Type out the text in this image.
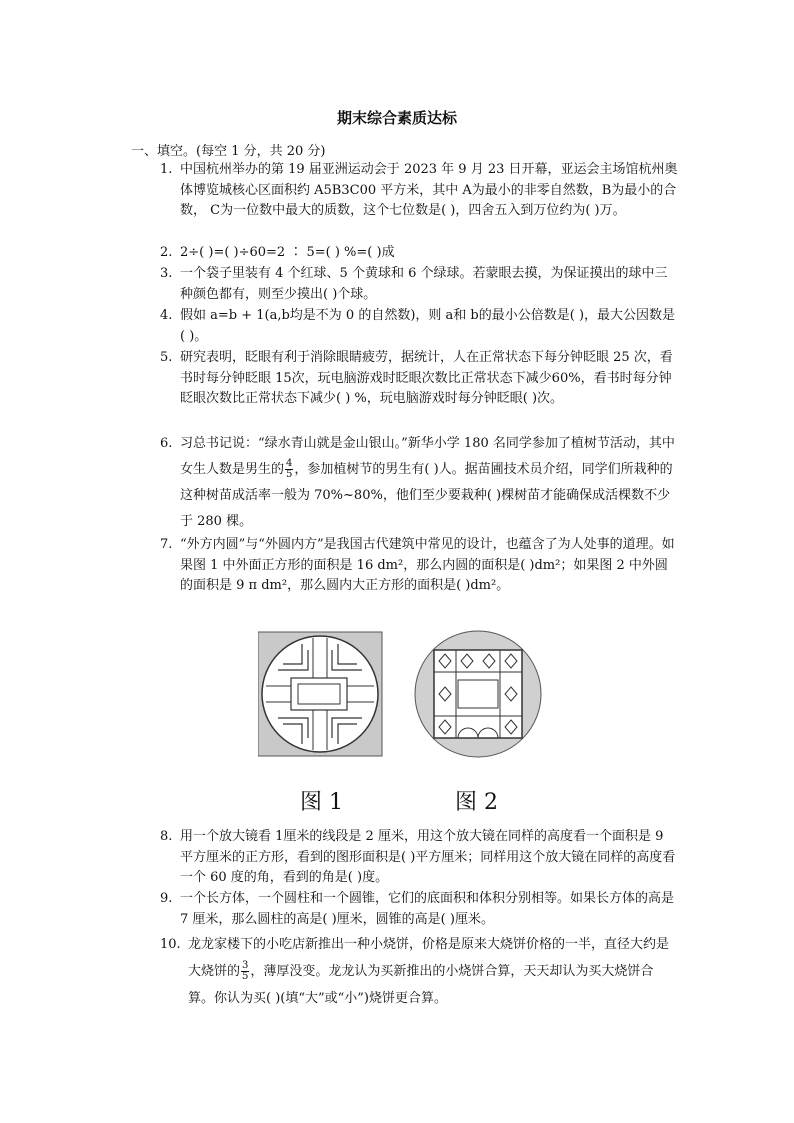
期末综合素质达标
一、填空。(每空 1 分，共 20 分)
1. 中国杭州举办的第 19 届亚洲运动会于 2023 年 9 月 23 日开幕，亚运会主场馆杭州奥体博览城核心区面积约 A5B3C00 平方米，其中 A为最小的非零自然数，B为最小的合数， C为一位数中最大的质数，这个七位数是( )，四舍五入到万位约为( )万。
2. 2÷( )=( )÷60=2 ∶ 5=( ) %=( )成
3. 一个袋子里装有 4 个红球、5 个黄球和 6 个绿球。若蒙眼去摸，为保证摸出的球中三种颜色都有，则至少摸出( )个球。
4. 假如 a=b + 1(a,b均是不为 0 的自然数)，则 a和 b的最小公倍数是( )，最大公因数是( )。
5. 研究表明，眨眼有利于消除眼睛疲劳，据统计，人在正常状态下每分钟眨眼 25 次，看书时每分钟眨眼 15次，玩电脑游戏时眨眼次数比正常状态下减少60%，看书时每分钟眨眼次数比正常状态下减少( ) %，玩电脑游戏时每分钟眨眼( )次。
6. 习总书记说：“绿水青山就是金山银山。”新华小学 180 名同学参加了植树节活动，其中女生人数是男生的 $\frac{4}{5}$ ，参加植树节的男生有( )人。据苗圃技术员介绍，同学们所栽种的这种树苗成活率一般为 70%~80%，他们至少要栽种( )棵树苗才能确保成活棵数不少于 280 棵。
7. “外方内圆”与“外圆内方”是我国古代建筑中常见的设计，也蕴含了为人处事的道理。如果图 1 中外面正方形的面积是 16 dm²，那么内圆的面积是( )dm²；如果图 2 中外圆的面积是 9 π dm²，那么圆内大正方形的面积是( )dm²。
图 1	图 2
8. 用一个放大镜看 1厘米的线段是 2 厘米，用这个放大镜在同样的高度看一个面积是 9 平方厘米的正方形，看到的图形面积是( )平方厘米；同样用这个放大镜在同样的高度看一个 60 度的角，看到的角是( )度。
9. 一个长方体，一个圆柱和一个圆锥，它们的底面积和体积分别相等。如果长方体的高是 7 厘米，那么圆柱的高是( )厘米，圆锥的高是( )厘米。
10. 龙龙家楼下的小吃店新推出一种小烧饼，价格是原来大烧饼价格的一半，直径大约是大烧饼的 $\frac{3}{5}$ ，薄厚没变。龙龙认为买新推出的小烧饼合算，天天却认为买大烧饼合 算。你认为买( )(填“大”或“小”)烧饼更合算。
